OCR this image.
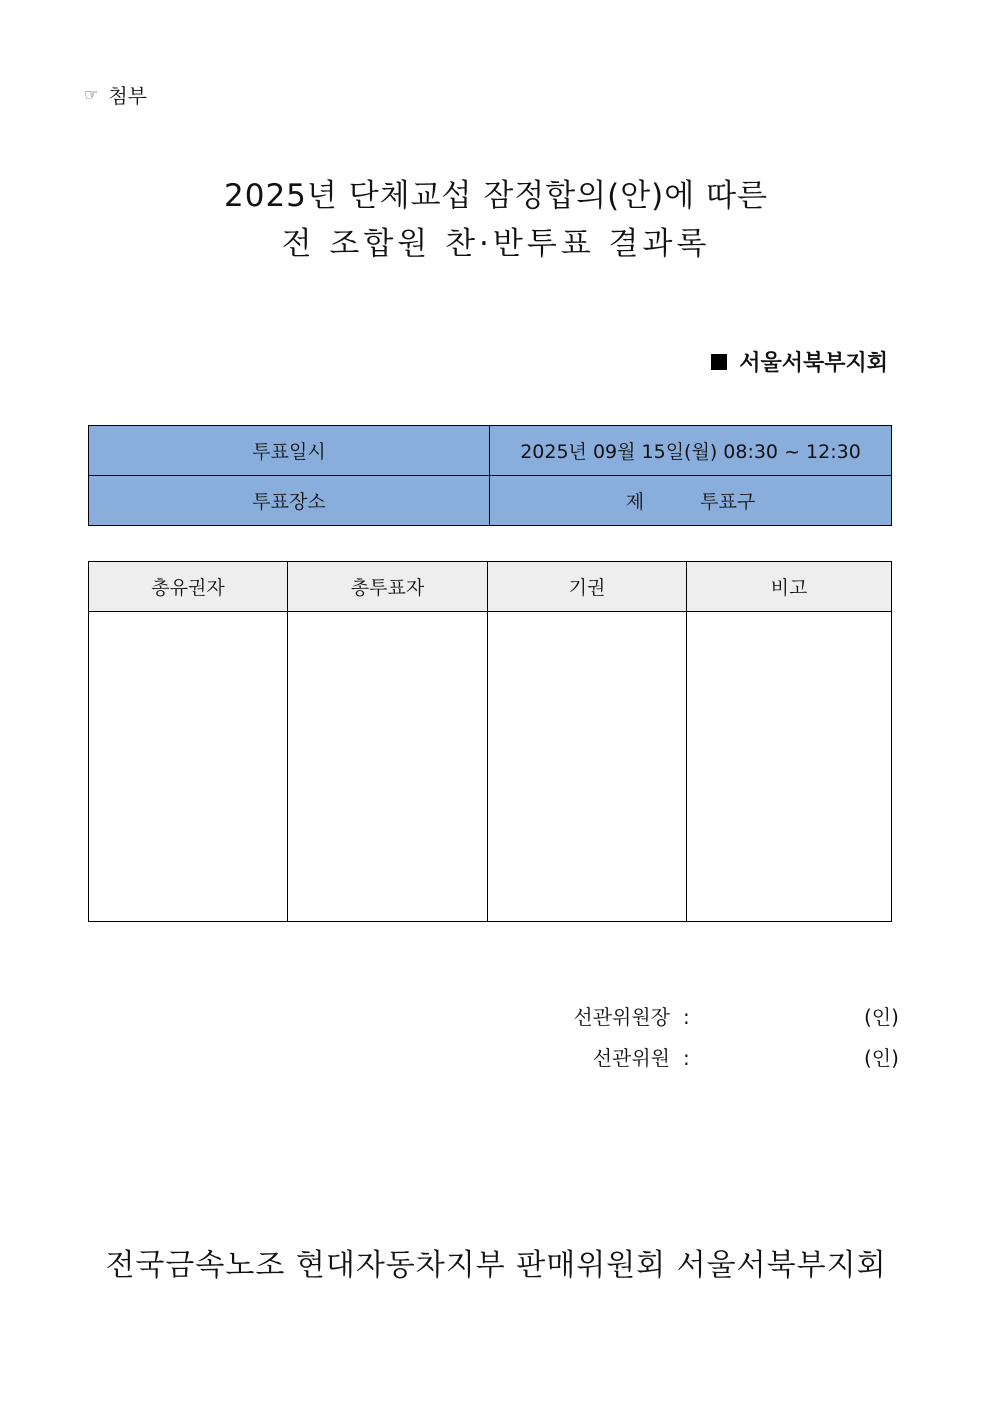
☞ 첨부
2025년 단체교섭 잠정합의(안)에 따른
전 조합원 찬·반투표 결과록
서울서북부지회
투표일시	2025년 09월 15일(월) 08:30 ~ 12:30
투표장소	제 투표구
총유권자	총투표자	기권	비고

선관위원장 :	(인)
선관위원 :	(인)
전국금속노조 현대자동차지부 판매위원회 서울서북부지회
